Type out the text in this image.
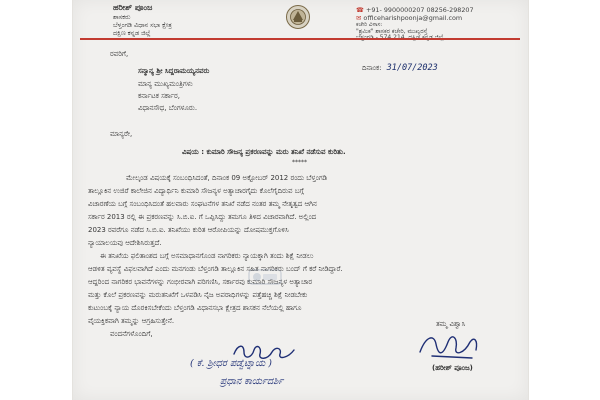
ಹರೀಶ್ ಪೂಂಜ
ಶಾಸಕರು
ಬೆಳ್ತಂಗಡಿ ವಿಧಾನ ಸಭಾ ಕ್ಷೇತ್ರ
ದಕ್ಷಿಣ ಕನ್ನಡ ಜಿಲ್ಲೆ
☎ +91- 9900000207 08256-298207
✉ officeharishpoonja@gmail.com
ಕಚೇರಿ ವಿಳಾಸ:
"ಶ್ರಮಿಕ" ಶಾಸಕರ ಕಚೇರಿ, ಮುಖ್ಯರಸ್ತೆ
ರವರಿಗೆ,
ಸನ್ಮಾನ್ಯ ಶ್ರೀ ಸಿದ್ದರಾಮಯ್ಯನವರು
ಮಾನ್ಯ ಮುಖ್ಯಮಂತ್ರಿಗಳು
ಕರ್ನಾಟಕ ಸರ್ಕಾರ,
ವಿಧಾನಸೌಧ, ಬೆಂಗಳೂರು.
ದಿನಾಂಕ: 31/07/2023
ಮಾನ್ಯರೇ,
ವಿಷಯ : ಕುಮಾರಿ ಸೌಜನ್ಯ ಪ್ರಕರಣವನ್ನು ಮರು ತನಿಖೆ ನಡೆಸುವ ಕುರಿತು.
*****
ಮೇಲ್ಕಂಡ ವಿಷಯಕ್ಕೆ ಸಂಬಂಧಿಸಿದಂತೆ, ದಿನಾಂಕ 09 ಅಕ್ಟೋಬರ್ 2012 ರಂದು ಬೆಳ್ತಂಗಡಿ
ತಾಲ್ಲೂಕಿನ ಉಜಿರೆ ಕಾಲೇಜಿನ ವಿದ್ಯಾರ್ಥಿನಿ ಕುಮಾರಿ ಸೌಜನ್ಯಳ ಅತ್ಯಾಚಾರಗೈದು ಕೊಲೆಗೈದಿರುವ ಬಗ್ಗೆ
ವಿಚಾರಣೆಯ ಬಗ್ಗೆ ಸಂಬಂಧಿಸಿದಂತೆ ಹಲವಾರು ಸಂಘಟನೆಗಳ ತನಿಖೆ ನಡೆದ ನಂತರ ತಮ್ಮ ನೇತೃತ್ವದ ಆಗಿನ
ಸರ್ಕಾರ 2013 ರಲ್ಲಿ ಈ ಪ್ರಕರಣವನ್ನು ಸಿ.ಬಿ.ಐ. ಗೆ ಒಪ್ಪಿಸಿದ್ದು ತಮಗೂ ತಿಳಿದ ವಿಚಾರವಾಗಿದೆ. ಅಲ್ಲಿಂದ
2023 ರವರೆಗೂ ನಡೆದ ಸಿ.ಬಿ.ಐ. ತನಿಖೆಯು ಕುರಿತ ಆರೋಪಿಯನ್ನು ದೋಷಮುಕ್ತಗೊಳಿಸಿ
ನ್ಯಾಯಾಲಯವು ಆದೇಶಿಸಿರುತ್ತದೆ.
ಈ ತನಿಖೆಯ ಫಲಿತಾಂಶದ ಬಗ್ಗೆ ಅಸಮಾಧಾನಗೊಂಡ ನಾಗರಿಕರು ನ್ಯಾಯಕ್ಕಾಗಿ ತಂದು ಶಿಕ್ಷೆ ನೀಡಲು
ಆಡಳಿತ ವ್ಯವಸ್ಥೆ ವಿಫಲವಾಗಿದೆ ಎಂದು ಮನಗಂಡು ಬೆಳ್ತಂಗಡಿ ತಾಲ್ಲೂಕಿನ ಸಹಿತ ನಾಗರಿಕರು ಬಂದ್ ಗೆ ಕರೆ ನೀಡಿದ್ದಾರೆ.
ಆದ್ದರಿಂದ ನಾಗರಿಕರ ಭಾವನೆಗಳನ್ನು ಗಂಭೀರವಾಗಿ ಪರಿಗಣಿಸಿ, ಸರ್ಕಾರವು ಕುಮಾರಿ ಸೌಜನ್ಯಳ ಅತ್ಯಾಚಾರ
ಮತ್ತು ಕೊಲೆ ಪ್ರಕರಣವನ್ನು ಮರುತನಿಖೆಗೆ ಒಳಪಡಿಸಿ ನೈಜ ಅಪರಾಧಿಗಳನ್ನು ಪತ್ತೆಹಚ್ಚಿ ಶಿಕ್ಷೆ ನೀಡಬೇಕು
ಕುಟುಂಬಕ್ಕೆ ನ್ಯಾಯ ದೊರಕಿಸಬೇಕೆಂದು ಬೆಳ್ತಂಗಡಿ ವಿಧಾನಸಭಾ ಕ್ಷೇತ್ರದ ಶಾಸಕನ ನೆಲೆಯಲ್ಲಿ ಹಾಗೂ
ವೈಯಕ್ತಿಕವಾಗಿ ತಮ್ಮನ್ನು ಆಗ್ರಹಿಸುತ್ತೇನೆ.
ವಂದನೆಗಳೊಂದಿಗೆ,
ತಮ್ಮ ವಿಶ್ವಾಸಿ
(ಹರೀಶ್ ಪೂಂಜ)
( ಕೆ. ಶ್ರೀಧರ ಪಡ್ವೆಟ್ನಾಯ )
ಪ್ರಧಾನ ಕಾರ್ಯದರ್ಶಿ
